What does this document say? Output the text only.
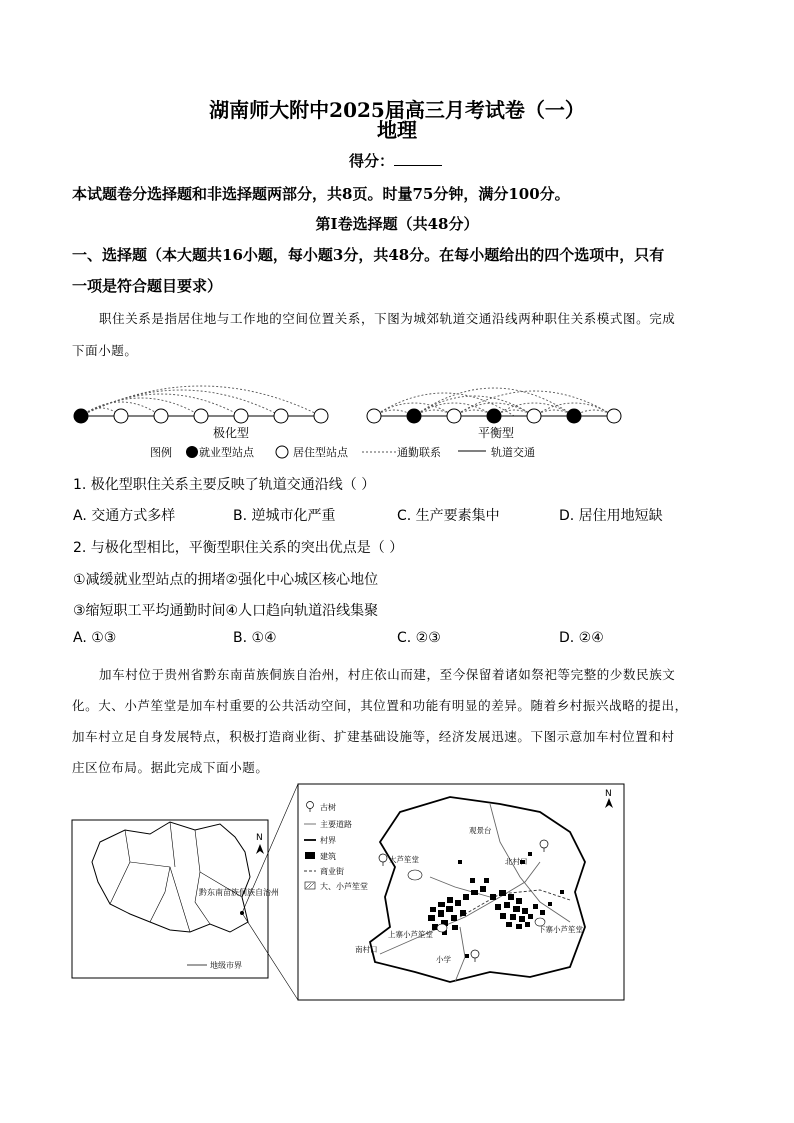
湖南师大附中2025届高三月考试卷（一）
地理
得分：
本试题卷分选择题和非选择题两部分，共8页。时量75分钟，满分100分。
第Ⅰ卷选择题（共48分）
一、选择题（本大题共16小题，每小题3分，共48分。在每小题给出的四个选项中，只有
一项是符合题目要求）
职住关系是指居住地与工作地的空间位置关系，下图为城郊轨道交通沿线两种职住关系模式图。完成
下面小题。
极化型	平衡型
图例 就业型站点	居住型站点	通勤联系	轨道交通
1. 极化型职住关系主要反映了轨道交通沿线（ ）
A. 交通方式多样	B. 逆城市化严重	C. 生产要素集中	D. 居住用地短缺
2. 与极化型相比，平衡型职住关系的突出优点是（ ）
①减缓就业型站点的拥堵②强化中心城区核心地位
③缩短职工平均通勤时间④人口趋向轨道沿线集聚
A. ①③	B. ①④	C. ②③	D. ②④
加车村位于贵州省黔东南苗族侗族自治州，村庄依山而建，至今保留着诸如祭祀等完整的少数民族文
化。大、小芦笙堂是加车村重要的公共活动空间，其位置和功能有明显的差异。随着乡村振兴战略的提出，
加车村立足自身发展特点，积极打造商业街、扩建基础设施等，经济发展迅速。下图示意加车村位置和村
庄区位布局。据此完成下面小题。
黔东南苗族侗族自治州
N
地级市界
观景台
大芦笙堂	北村口
上寨小芦笙堂
下寨小芦笙堂
南村口
小学
古树
主要道路
村界
建筑
商业街
大、小芦笙堂
N
